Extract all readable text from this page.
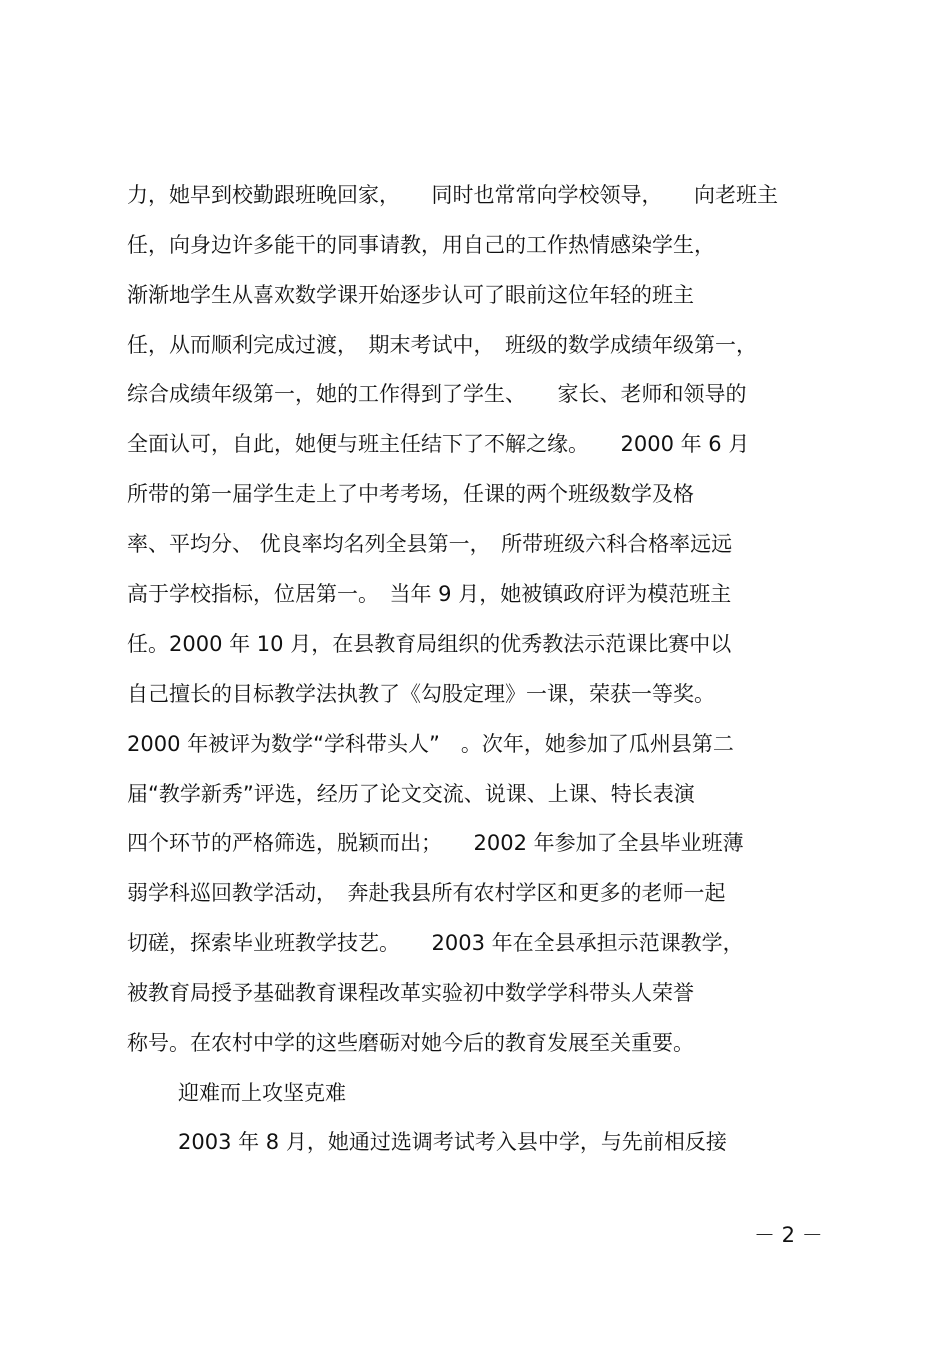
力，她早到校勤跟班晚回家，　　同时也常常向学校领导，　　向老班主
任，向身边许多能干的同事请教，用自己的工作热情感染学生，
渐渐地学生从喜欢数学课开始逐步认可了眼前这位年轻的班主
任，从而顺利完成过渡，　期末考试中，　班级的数学成绩年级第一，
综合成绩年级第一，她的工作得到了学生、　　家长、老师和领导的
全面认可，自此，她便与班主任结下了不解之缘。　　2000 年 6 月
所带的第一届学生走上了中考考场，任课的两个班级数学及格
率、平均分、 优良率均名列全县第一，　所带班级六科合格率远远
高于学校指标，位居第一。　当年 9 月，她被镇政府评为模范班主
任。2000 年 10 月，在县教育局组织的优秀教法示范课比赛中以
自己擅长的目标教学法执教了《勾股定理》一课，荣获一等奖。
2000 年被评为数学“学科带头人”　。次年，她参加了瓜州县第二
届“教学新秀”评选，经历了论文交流、说课、上课、特长表演
四个环节的严格筛选，脱颖而出；　　2002 年参加了全县毕业班薄
弱学科巡回教学活动，　奔赴我县所有农村学区和更多的老师一起
切磋，探索毕业班教学技艺。　　2003 年在全县承担示范课教学，
被教育局授予基础教育课程改革实验初中数学学科带头人荣誉
称号。在农村中学的这些磨砺对她今后的教育发展至关重要。
迎难而上攻坚克难
2003 年 8 月，她通过选调考试考入县中学，与先前相反接
－ 2 －
